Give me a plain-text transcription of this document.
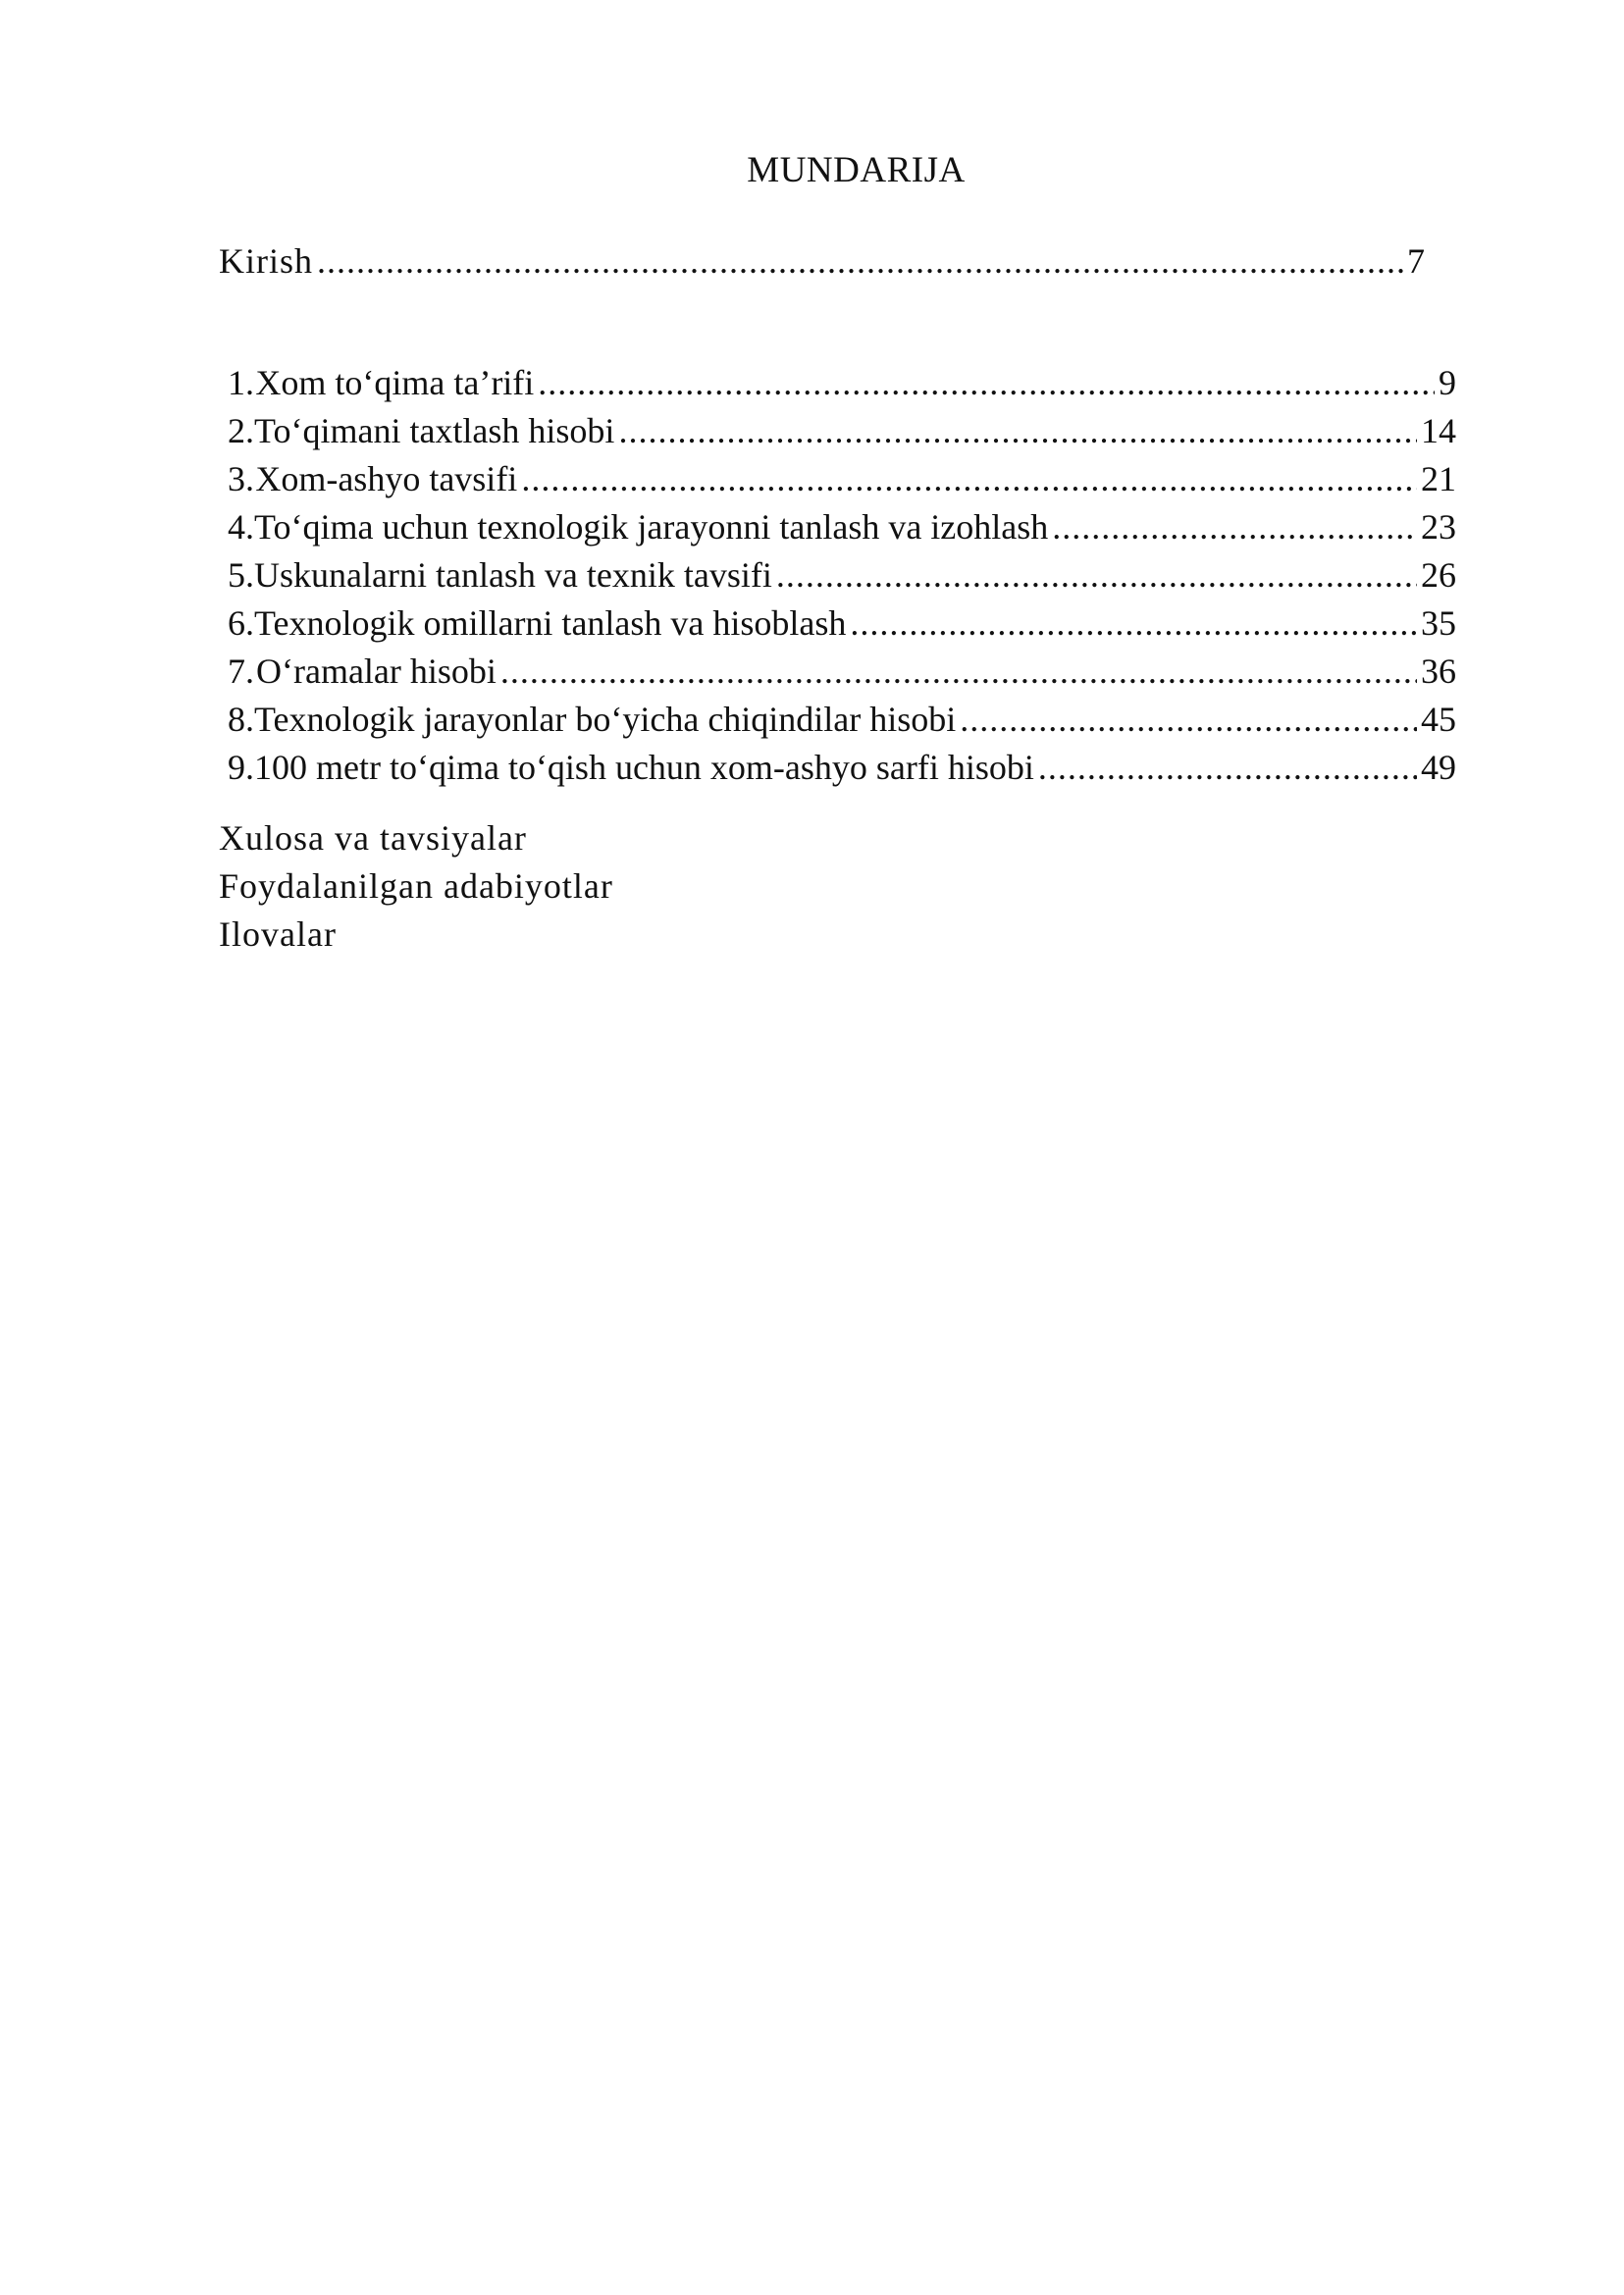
MUNDARIJA
Kirish .....	7
1. Xom to‘qima ta’rifi .....	9
2. To‘qimani taxtlash hisobi .....	14
3. Xom-ashyo tavsifi .....	21
4. To‘qima uchun texnologik jarayonni tanlash va izohlash .....	23
5. Uskunalarni tanlash va texnik tavsifi .....	26
6. Texnologik omillarni tanlash va hisoblash .....	35
7. O‘ramalar hisobi .....	36
8. Texnologik jarayonlar bo‘yicha chiqindilar hisobi .....	45
9. 100 metr to‘qima to‘qish uchun xom-ashyo sarfi hisobi .....	49
Xulosa va tavsiyalar
Foydalanilgan adabiyotlar
Ilovalar
